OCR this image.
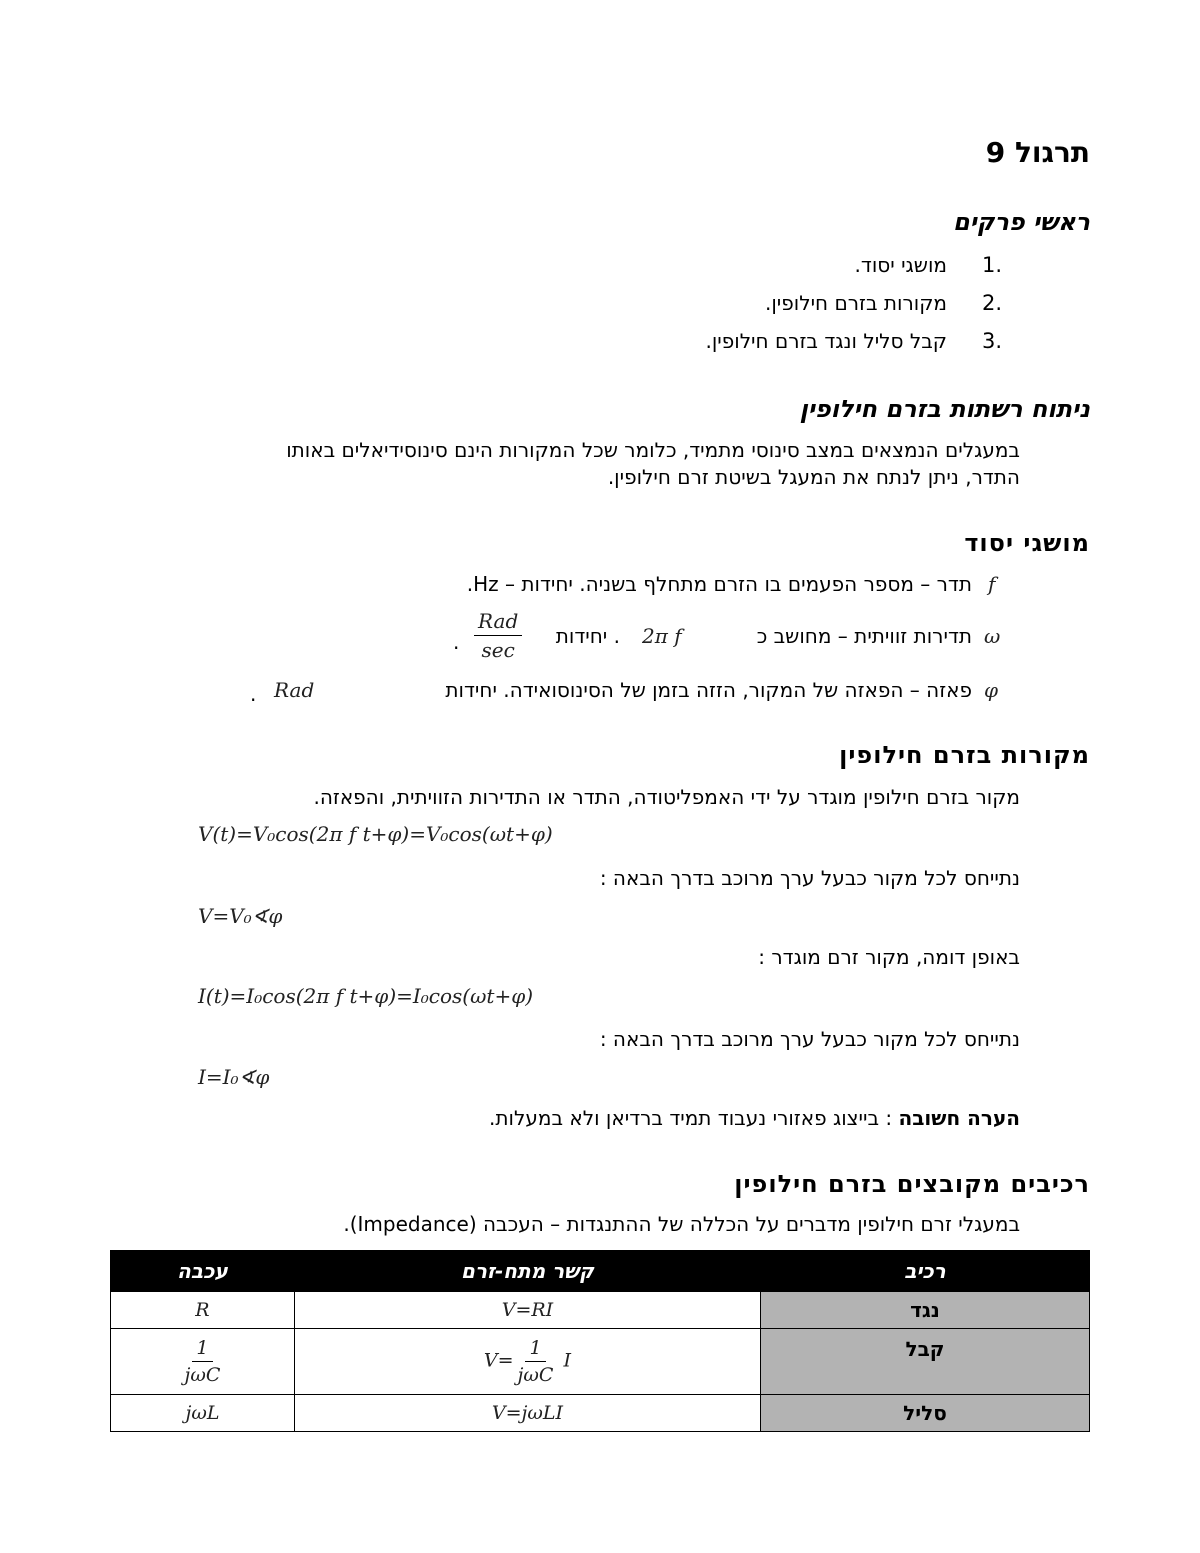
תרגול 9
ראשי פרקים
1.
מושגי יסוד.
2.
מקורות בזרם חילופין.
3.
קבל סליל ונגד בזרם חילופין.
ניתוח רשתות בזרם חילופין
במעגלים הנמצאים במצב סינוסי מתמיד, כלומר שכל המקורות הינם סינוסידיאלים באותו
התדר, ניתן לנתח את המעגל בשיטת זרם חילופין.
מושגי יסוד
f
תדר – מספר הפעמים בו הזרם מתחלף בשניה. יחידות – Hz.
ω
תדירות זוויתית – מחושב כ
2π f
. יחידות
$\frac{\text{Rad}}{\sec}$
.
φ
פאזה – הפאזה של המקור, הזזה בזמן של הסינוסואידה. יחידות
Rad
.
מקורות בזרם חילופין
מקור בזרם חילופין מוגדר על ידי האמפליטודה, התדר או התדירות הזוויתית, והפאזה.
V(t)=V₀cos(2π f t+φ)=V₀cos(ωt+φ)
נתייחס לכל מקור כבעל ערך מרוכב בדרך הבאה :
V=V₀∢φ
באופן דומה, מקור זרם מוגדר :
I(t)=I₀cos(2π f t+φ)=I₀cos(ωt+φ)
נתייחס לכל מקור כבעל ערך מרוכב בדרך הבאה :
I=I₀∢φ
הערה חשובה : בייצוג פאזורי נעבוד תמיד ברדיאן ולא במעלות.
רכיבים מקובצים בזרם חילופין
במעגלי זרם חילופין מדברים על הכללה של ההתנגדות – העכבה (Impedance).
רכיב	קשר מתח-זרם	עכבה
נגד	V=RI	R
קבל	$V= \frac{1}{\text{jωC}}$ I	$\frac{1}{\text{jωC}}$

סליל	V=jωLI	jωL
